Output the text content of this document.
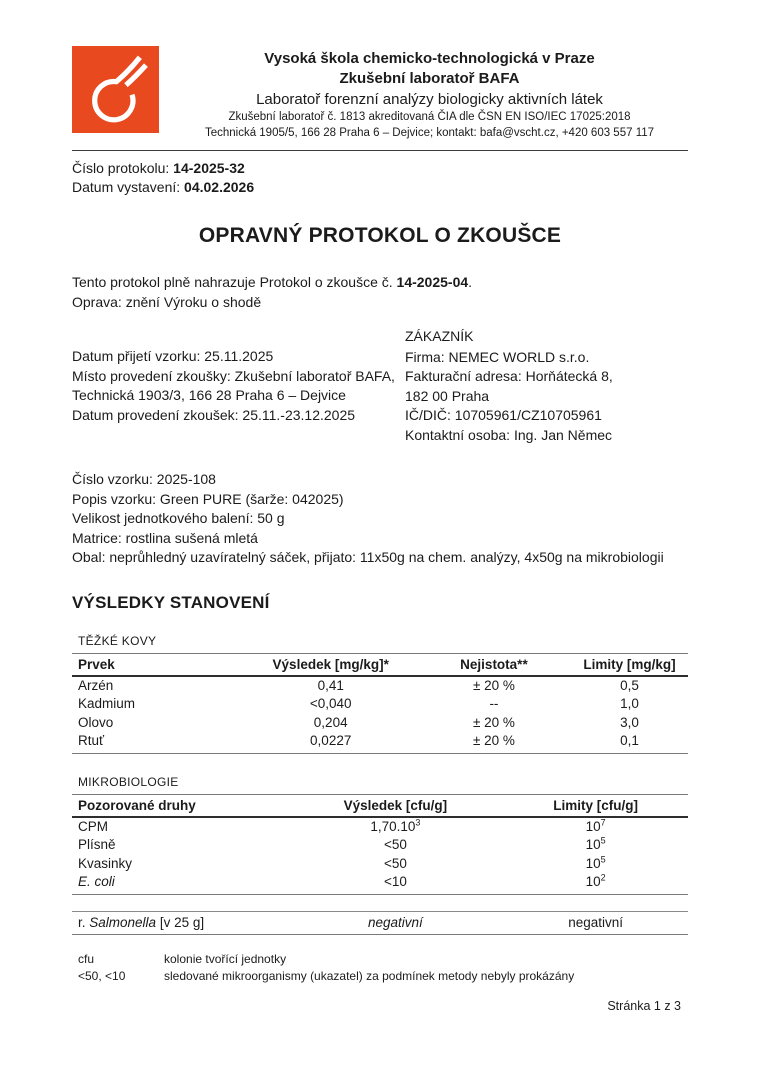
Vysoká škola chemicko-technologická v Praze
Zkušební laboratoř BAFA
Laboratoř forenzní analýzy biologicky aktivních látek
Zkušební laboratoř č. 1813 akreditovaná ČIA dle ČSN EN ISO/IEC 17025:2018
Technická 1905/5, 166 28 Praha 6 – Dejvice; kontakt: bafa@vscht.cz, +420 603 557 117
Číslo protokolu: 14-2025-32
Datum vystavení: 04.02.2026
OPRAVNÝ PROTOKOL O ZKOUŠCE
Tento protokol plně nahrazuje Protokol o zkoušce č. 14-2025-04.
Oprava: znění Výroku o shodě
Datum přijetí vzorku: 25.11.2025
Místo provedení zkoušky: Zkušební laboratoř BAFA,
Technická 1903/3, 166 28 Praha 6 – Dejvice
Datum provedení zkoušek: 25.11.-23.12.2025
ZÁKAZNÍK
Firma: NEMEC WORLD s.r.o.
Fakturační adresa: Horňátecká 8,
182 00 Praha
IČ/DIČ: 10705961/CZ10705961
Kontaktní osoba: Ing. Jan Němec
Číslo vzorku: 2025-108
Popis vzorku: Green PURE (šarže: 042025)
Velikost jednotkového balení: 50 g
Matrice: rostlina sušená mletá
Obal: neprůhledný uzavíratelný sáček, přijato: 11x50g na chem. analýzy, 4x50g na mikrobiologii
VÝSLEDKY STANOVENÍ
TĚŽKÉ KOVY
Prvek	Výsledek [mg/kg]*	Nejistota**	Limity [mg/kg]
Arzén	0,41	± 20 %	0,5
Kadmium	<0,040	--	1,0
Olovo	0,204	± 20 %	3,0
Rtuť	0,0227	± 20 %	0,1
MIKROBIOLOGIE
Pozorované druhy	Výsledek [cfu/g]	Limity [cfu/g]
CPM	1,70.10$^3$	$10^7$
Plísně	<50	$10^5$
Kvasinky	<50	$10^5$
E. coli	<10	$10^2$
r. Salmonella [v 25 g]	negativní	negativní
cfu	kolonie tvořící jednotky
<50, <10	sledované mikroorganismy (ukazatel) za podmínek metody nebyly prokázány
Stránka 1 z 3
